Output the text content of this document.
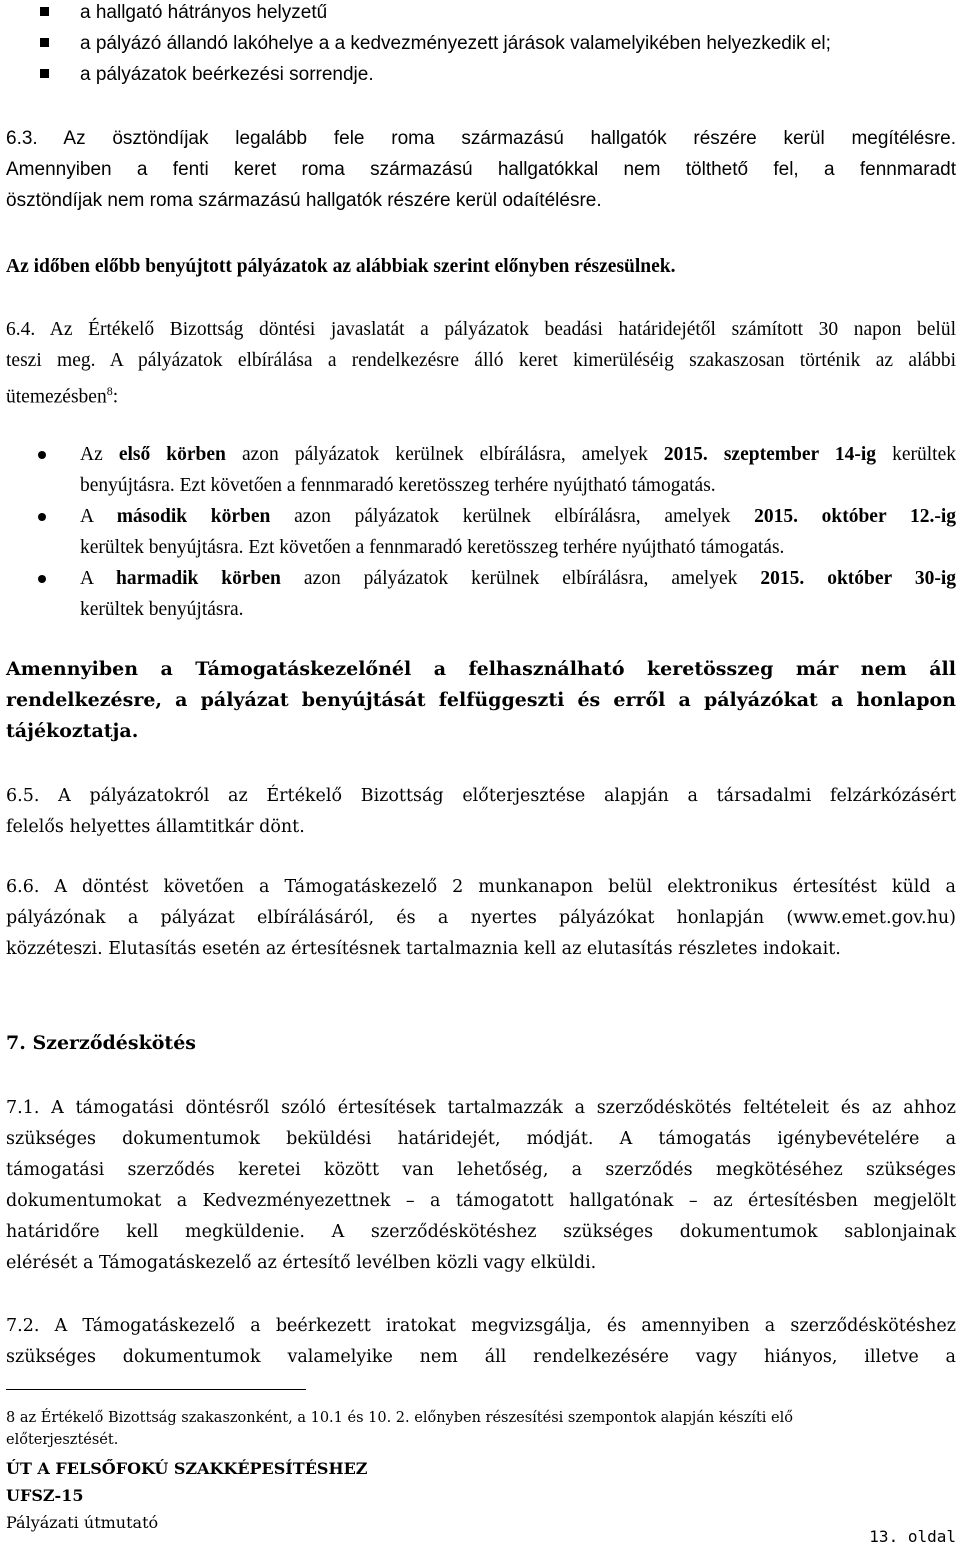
a hallgató hátrányos helyzetű
a pályázó állandó lakóhelye a a kedvezményezett járások valamelyikében helyezkedik el;
a pályázatok beérkezési sorrendje.
6.3. Az ösztöndíjak legalább fele roma származású hallgatók részére kerül megítélésre.
Amennyiben a fenti keret roma származású hallgatókkal nem tölthető fel, a fennmaradt
ösztöndíjak nem roma származású hallgatók részére kerül odaítélésre.
Az időben előbb benyújtott pályázatok az alábbiak szerint előnyben részesülnek.
6.4. Az Értékelő Bizottság döntési javaslatát a pályázatok beadási határidejétől számított 30 napon belül
teszi meg. A pályázatok elbírálása a rendelkezésre álló keret kimerüléséig szakaszosan történik az alábbi
ütemezésben$^8$:
Az első körben azon pályázatok kerülnek elbírálásra, amelyek 2015. szeptember 14-ig kerültek
benyújtásra. Ezt követően a fennmaradó keretösszeg terhére nyújtható támogatás.
A második körben azon pályázatok kerülnek elbírálásra, amelyek 2015. október 12.-ig
kerültek benyújtásra. Ezt követően a fennmaradó keretösszeg terhére nyújtható támogatás.
A harmadik körben azon pályázatok kerülnek elbírálásra, amelyek 2015. október 30-ig
kerültek benyújtásra.
Amennyiben a Támogatáskezelőnél a felhasználható keretösszeg már nem áll
rendelkezésre, a pályázat benyújtását felfüggeszti és erről a pályázókat a honlapon
tájékoztatja.
6.5. A pályázatokról az Értékelő Bizottság előterjesztése alapján a társadalmi felzárkózásért
felelős helyettes államtitkár dönt.
6.6. A döntést követően a Támogatáskezelő 2 munkanapon belül elektronikus értesítést küld a
pályázónak a pályázat elbírálásáról, és a nyertes pályázókat honlapján (www.emet.gov.hu)
közzéteszi. Elutasítás esetén az értesítésnek tartalmaznia kell az elutasítás részletes indokait.
7. Szerződéskötés
7.1. A támogatási döntésről szóló értesítések tartalmazzák a szerződéskötés feltételeit és az ahhoz
szükséges dokumentumok beküldési határidejét, módját. A támogatás igénybevételére a
támogatási szerződés keretei között van lehetőség, a szerződés megkötéséhez szükséges
dokumentumokat a Kedvezményezettnek – a támogatott hallgatónak – az értesítésben megjelölt
határidőre kell megküldenie. A szerződéskötéshez szükséges dokumentumok sablonjainak
elérését a Támogatáskezelő az értesítő levélben közli vagy elküldi.
7.2. A Támogatáskezelő a beérkezett iratokat megvizsgálja, és amennyiben a szerződéskötéshez
szükséges dokumentumok valamelyike nem áll rendelkezésére vagy hiányos, illetve a
8 az Értékelő Bizottság szakaszonként, a 10.1 és 10. 2. előnyben részesítési szempontok alapján készíti elő
előterjesztését.
ÚT A FELSŐFOKÚ SZAKKÉPESÍTÉSHEZ
UFSZ-15
Pályázati útmutató
13. oldal
